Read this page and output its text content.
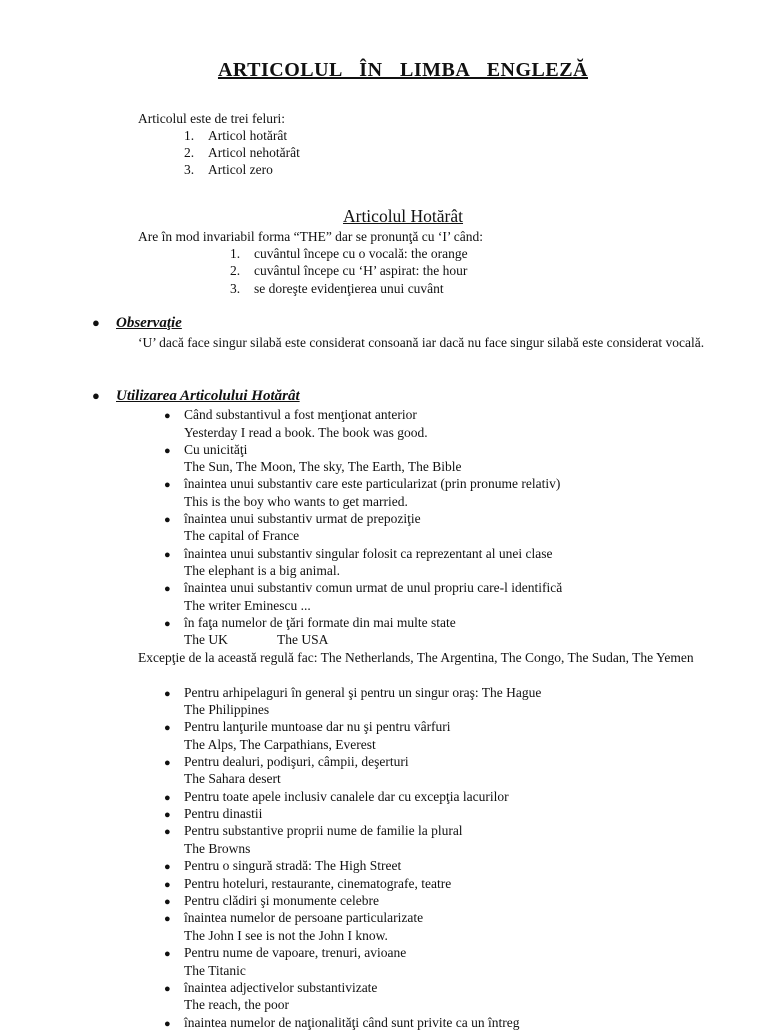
ARTICOLUL ÎN LIMBA ENGLEZĂ
Articolul este de trei feluri:
1. Articol hotărât
2. Articol nehotărât
3. Articol zero
Articolul Hotărât
Are în mod invariabil forma “THE” dar se pronunţă cu ‘I’ când:
1. cuvântul începe cu o vocală: the orange
2. cuvântul începe cu ‘H’ aspirat: the hour
3. se doreşte evidenţierea unui cuvânt
● Observaţie
‘U’ dacă face singur silabă este considerat consoană iar dacă nu face singur silabă este considerat vocală.
● Utilizarea Articolului Hotărât
● Când substantivul a fost menţionat anterior
Yesterday I read a book. The book was good.
● Cu unicităţi
The Sun, The Moon, The sky, The Earth, The Bible
● înaintea unui substantiv care este particularizat (prin pronume relativ)
This is the boy who wants to get married.
● înaintea unui substantiv urmat de prepoziţie
The capital of France
● înaintea unui substantiv singular folosit ca reprezentant al unei clase
The elephant is a big animal.
● înaintea unui substantiv comun urmat de unul propriu care-l identifică
The writer Eminescu ...
● în faţa numelor de ţări formate din mai multe state
The UK	The USA
Excepţie de la această regulă fac: The Netherlands, The Argentina, The Congo, The Sudan, The Yemen
● Pentru arhipelaguri în general şi pentru un singur oraş: The Hague
The Philippines
● Pentru lanţurile muntoase dar nu şi pentru vârfuri
The Alps, The Carpathians, Everest
● Pentru dealuri, podişuri, câmpii, deşerturi
The Sahara desert
● Pentru toate apele inclusiv canalele dar cu excepţia lacurilor
● Pentru dinastii
● Pentru substantive proprii nume de familie la plural
The Browns
● Pentru o singură stradă: The High Street
● Pentru hoteluri, restaurante, cinematografe, teatre
● Pentru clădiri şi monumente celebre
● înaintea numelor de persoane particularizate
The John I see is not the John I know.
● Pentru nume de vapoare, trenuri, avioane
The Titanic
● înaintea adjectivelor substantivizate
The reach, the poor
● înaintea numelor de naţionalităţi când sunt privite ca un întreg
